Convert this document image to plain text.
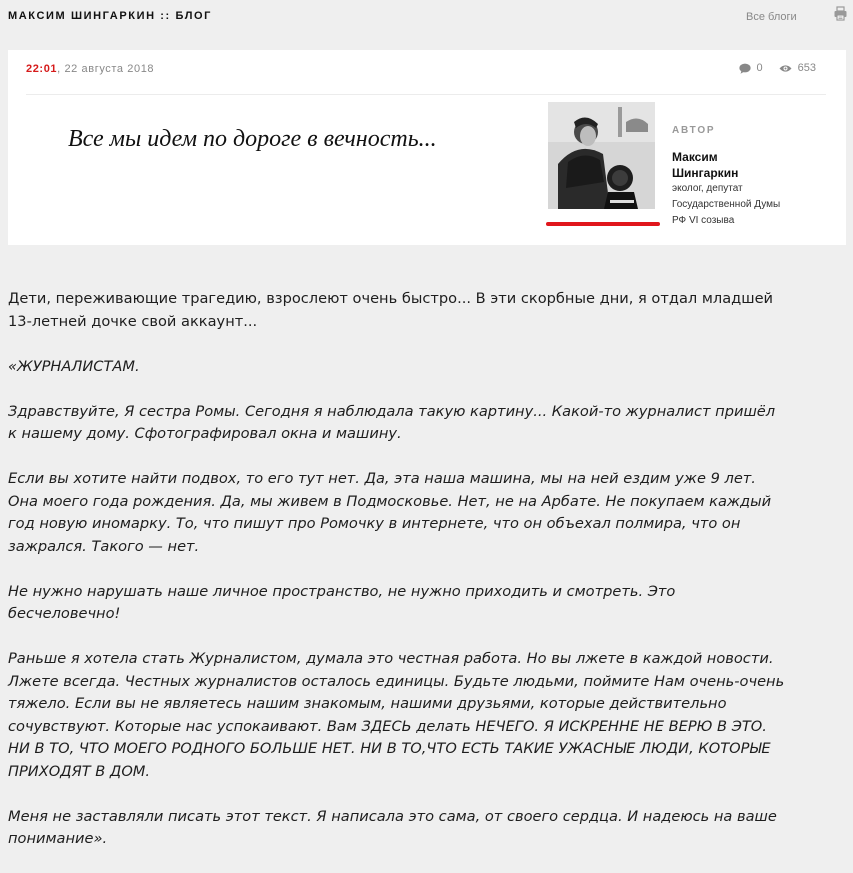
МАКСИМ ШИНГАРКИН :: БЛОГ	Все блоги
22:01, 22 августа 2018	0	653
Все мы идем по дороге в вечность...	АВТОР
Максим Шингаркин
эколог, депутат Государственной Думы РФ VI созыва

Дети, переживающие трагедию, взрослеют очень быстро... В эти скорбные дни, я отдал младшей 13-летней дочке свой аккаунт...

«ЖУРНАЛИСТАМ.

Здравствуйте, Я сестра Ромы. Сегодня я наблюдала такую картину... Какой-то журналист пришёл к нашему дому. Сфотографировал окна и машину.

Если вы хотите найти подвох, то его тут нет. Да, эта наша машина, мы на ней ездим уже 9 лет. Она моего года рождения. Да, мы живем в Подмосковье. Нет, не на Арбате. Не покупаем каждый год новую иномарку. То, что пишут про Ромочку в интернете, что он объехал полмира, что он зажрался. Такого — нет.

Не нужно нарушать наше личное пространство, не нужно приходить и смотреть. Это бесчеловечно!

Раньше я хотела стать Журналистом, думала это честная работа. Но вы лжете в каждой новости. Лжете всегда. Честных журналистов осталось единицы. Будьте людьми, поймите Нам очень-очень тяжело. Если вы не являетесь нашим знакомым, нашими друзьями, которые действительно сочувствуют. Которые нас успокаивают. Вам ЗДЕСЬ делать НЕЧЕГО. Я ИСКРЕННЕ НЕ ВЕРЮ В ЭТО. НИ В ТО, ЧТО МОЕГО РОДНОГО БОЛЬШЕ НЕТ. НИ В ТО,ЧТО ЕСТЬ ТАКИЕ УЖАСНЫЕ ЛЮДИ, КОТОРЫЕ ПРИХОДЯТ В ДОМ.

Меня не заставляли писать этот текст. Я написала это сама, от своего сердца. И надеюсь на ваше понимание».
